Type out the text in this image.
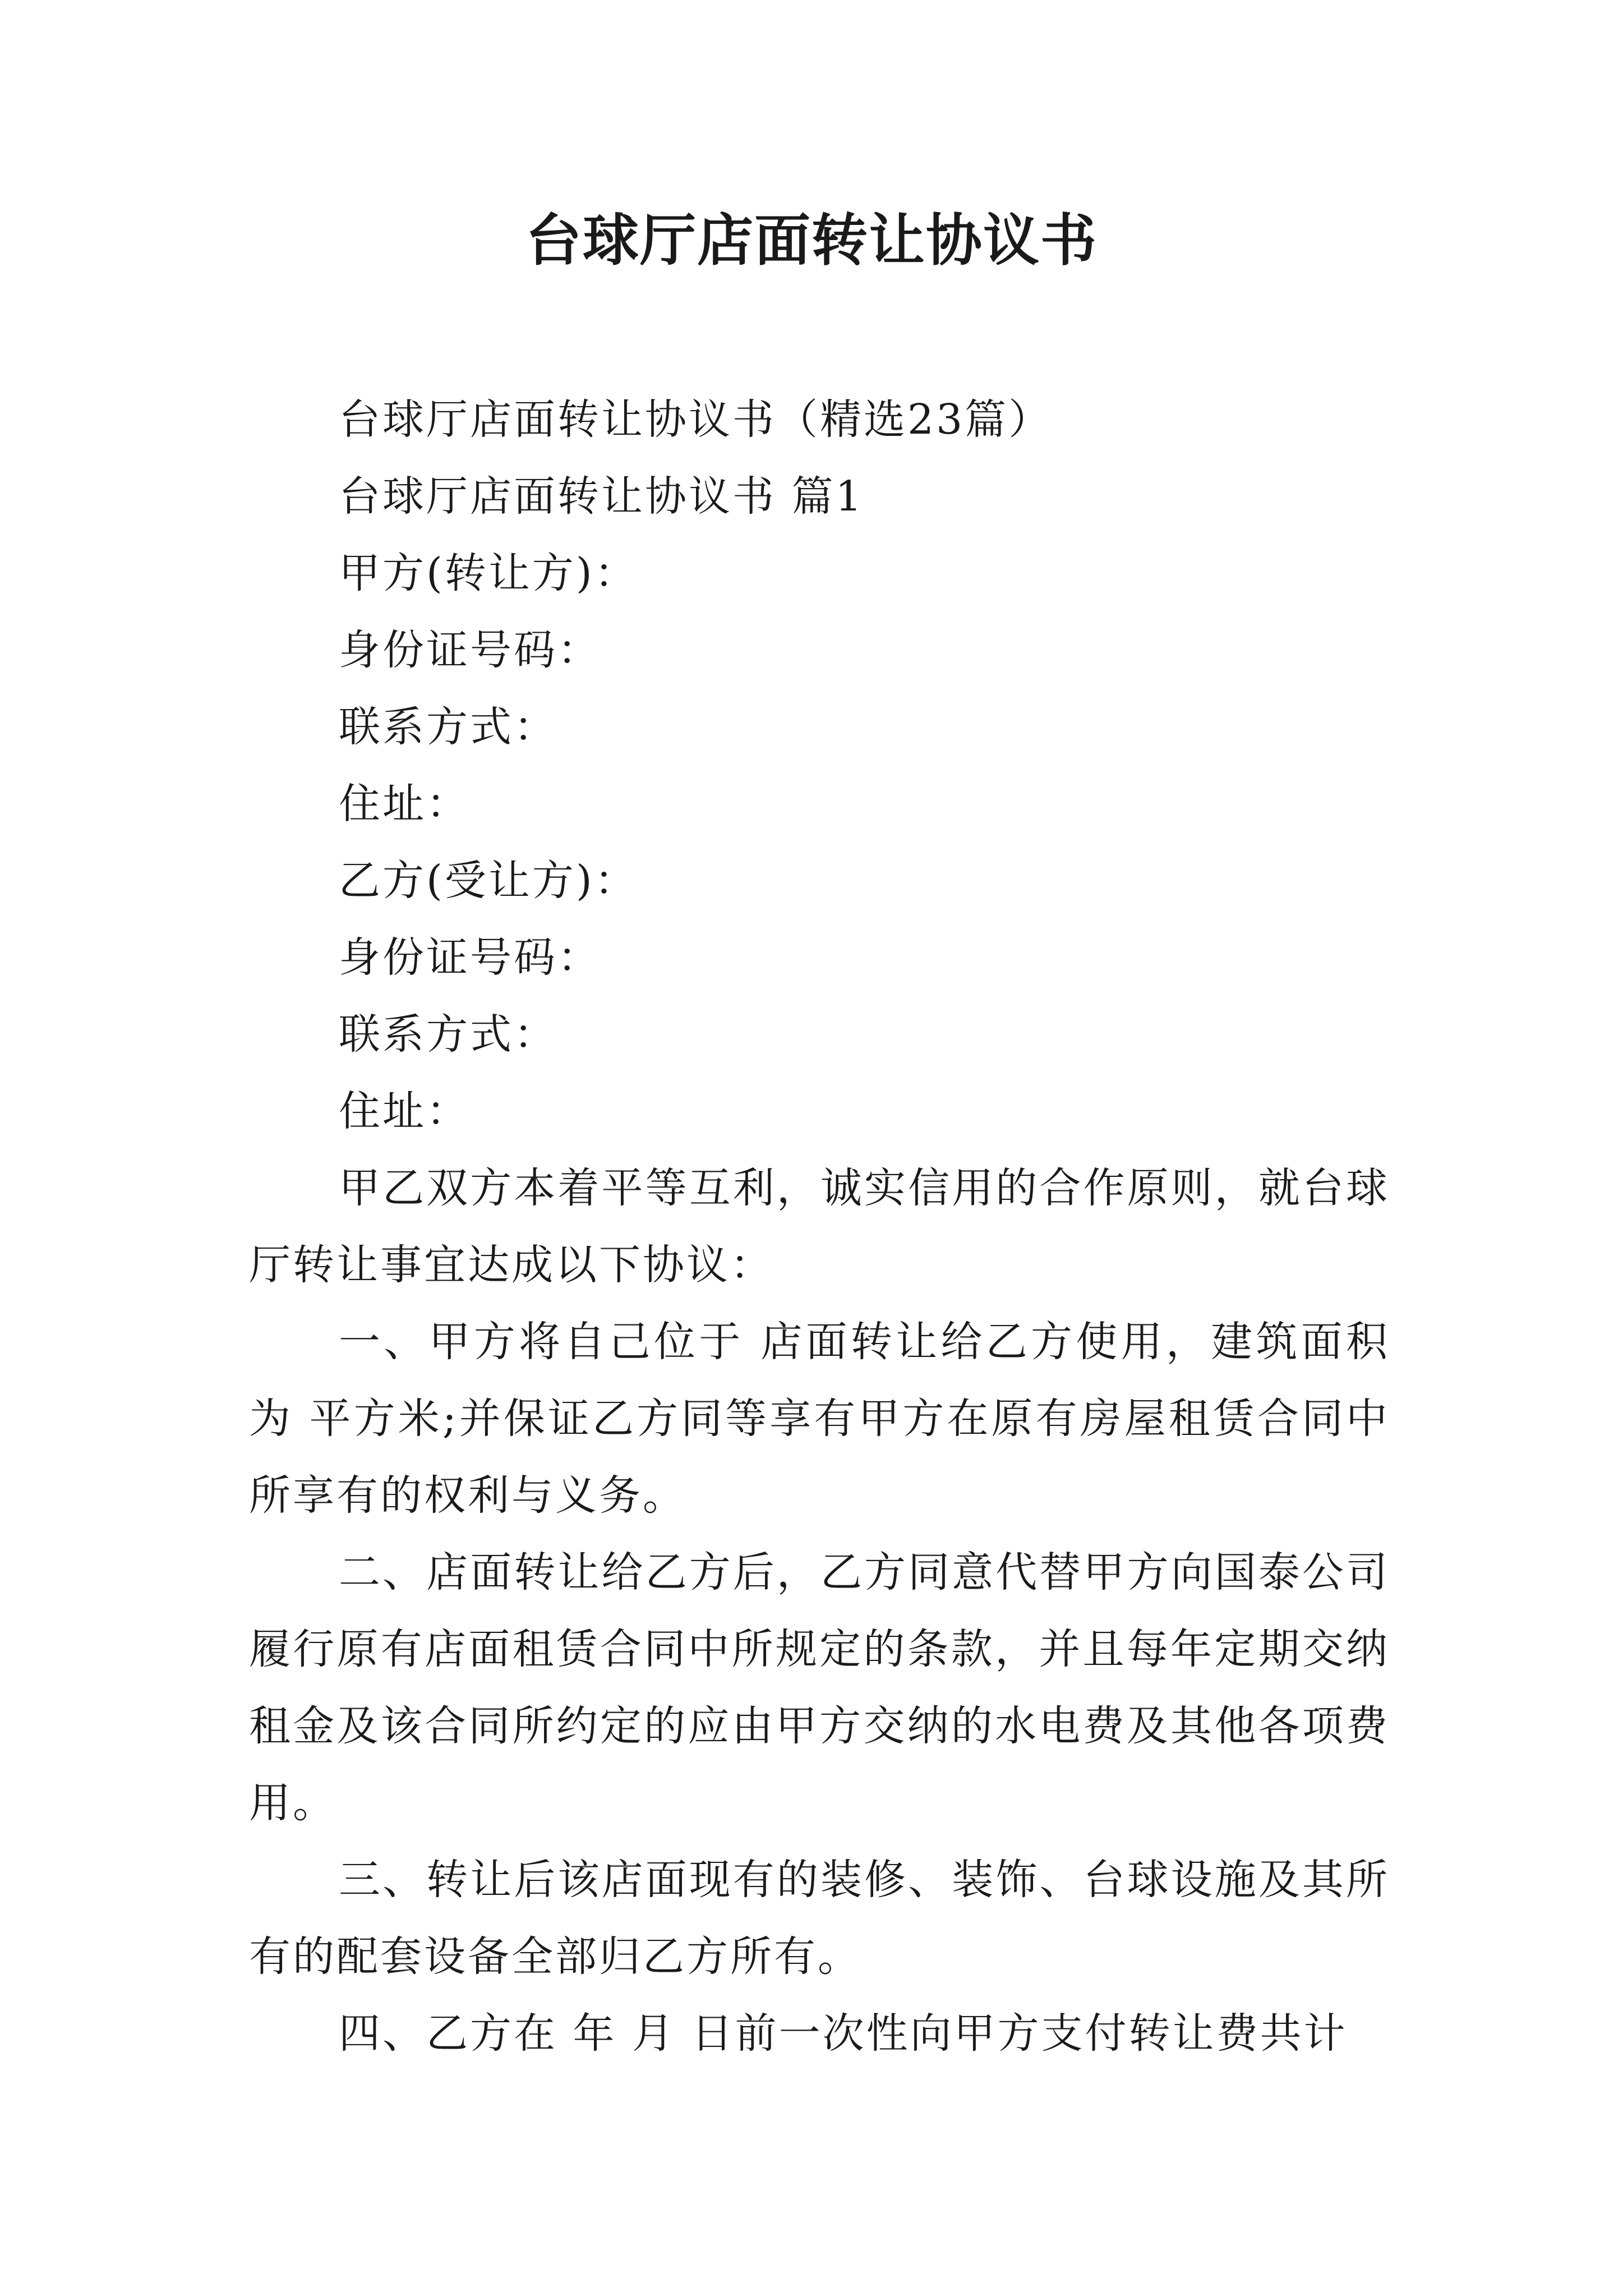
台球厅店面转让协议书

台球厅店面转让协议书（精选23篇）

台球厅店面转让协议书 篇1

甲方(转让方)：

身份证号码：

联系方式：

住址：

乙方(受让方)：

身份证号码：

联系方式：

住址：

甲乙双方本着平等互利，诚实信用的合作原则，就台球厅转让事宜达成以下协议：

一、甲方将自己位于 店面转让给乙方使用，建筑面积为 平方米;并保证乙方同等享有甲方在原有房屋租赁合同中所享有的权利与义务。

二、店面转让给乙方后，乙方同意代替甲方向国泰公司履行原有店面租赁合同中所规定的条款，并且每年定期交纳租金及该合同所约定的应由甲方交纳的水电费及其他各项费用。

三、转让后该店面现有的装修、装饰、台球设施及其所有的配套设备全部归乙方所有。

四、乙方在 年 月 日前一次性向甲方支付转让费共计
